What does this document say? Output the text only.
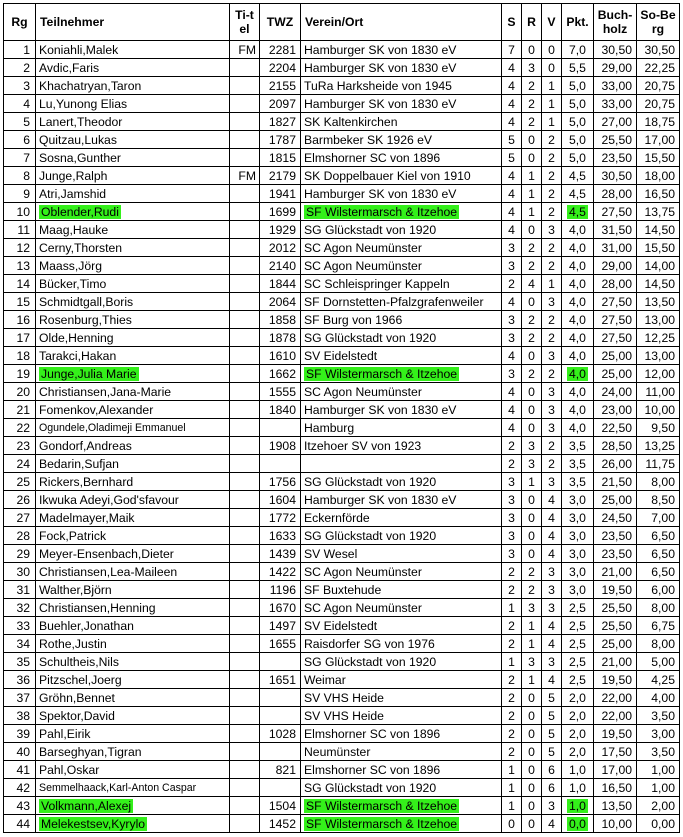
Rg	Teilnehmer	Ti-tel	TWZ	Verein/Ort	S	R	V	Pkt.	Buch-holz	So-Berg
1	Koniahli,Malek	FM	2281	Hamburger SK von 1830 eV	7	0	0	7,0	30,50	30,50
2	Avdic,Faris		2204	Hamburger SK von 1830 eV	4	3	0	5,5	29,00	22,25
3	Khachatryan,Taron		2155	TuRa Harksheide von 1945	4	2	1	5,0	33,00	20,75
4	Lu,Yunong Elias		2097	Hamburger SK von 1830 eV	4	2	1	5,0	33,00	20,75
5	Lanert,Theodor		1827	SK Kaltenkirchen	4	2	1	5,0	27,00	18,75
6	Quitzau,Lukas		1787	Barmbeker SK 1926 eV	5	0	2	5,0	25,50	17,00
7	Sosna,Gunther		1815	Elmshorner SC von 1896	5	0	2	5,0	23,50	15,50
8	Junge,Ralph	FM	2179	SK Doppelbauer Kiel von 1910	4	1	2	4,5	30,50	18,00
9	Atri,Jamshid		1941	Hamburger SK von 1830 eV	4	1	2	4,5	28,00	16,50
10	Oblender,Rudi		1699	SF Wilstermarsch & Itzehoe	4	1	2	4,5	27,50	13,75
11	Maag,Hauke		1929	SG Glückstadt von 1920	4	0	3	4,0	31,50	14,50
12	Cerny,Thorsten		2012	SC Agon Neumünster	3	2	2	4,0	31,00	15,50
13	Maass,Jörg		2140	SC Agon Neumünster	3	2	2	4,0	29,00	14,00
14	Bücker,Timo		1844	SC Schleispringer Kappeln	2	4	1	4,0	28,00	14,50
15	Schmidtgall,Boris		2064	SF Dornstetten-Pfalzgrafenweiler	4	0	3	4,0	27,50	13,50
16	Rosenburg,Thies		1858	SF Burg von 1966	3	2	2	4,0	27,50	13,00
17	Olde,Henning		1878	SG Glückstadt von 1920	3	2	2	4,0	27,50	12,25
18	Tarakci,Hakan		1610	SV Eidelstedt	4	0	3	4,0	25,00	13,00
19	Junge,Julia Marie		1662	SF Wilstermarsch & Itzehoe	3	2	2	4,0	25,00	12,00
20	Christiansen,Jana-Marie		1555	SC Agon Neumünster	4	0	3	4,0	24,00	11,00
21	Fomenkov,Alexander		1840	Hamburger SK von 1830 eV	4	0	3	4,0	23,00	10,00
22	Ogundele,Oladimeji Emmanuel			Hamburg	4	0	3	4,0	22,50	9,50
23	Gondorf,Andreas		1908	Itzehoer SV von 1923	2	3	2	3,5	28,50	13,25
24	Bedarin,Sufjan				2	3	2	3,5	26,00	11,75
25	Rickers,Bernhard		1756	SG Glückstadt von 1920	3	1	3	3,5	21,50	8,00
26	Ikwuka Adeyi,God'sfavour		1604	Hamburger SK von 1830 eV	3	0	4	3,0	25,00	8,50
27	Madelmayer,Maik		1772	Eckernförde	3	0	4	3,0	24,50	7,00
28	Fock,Patrick		1633	SG Glückstadt von 1920	3	0	4	3,0	23,50	6,50
29	Meyer-Ensenbach,Dieter		1439	SV Wesel	3	0	4	3,0	23,50	6,50
30	Christiansen,Lea-Maileen		1422	SC Agon Neumünster	2	2	3	3,0	21,00	6,50
31	Walther,Björn		1196	SF Buxtehude	2	2	3	3,0	19,50	6,00
32	Christiansen,Henning		1670	SC Agon Neumünster	1	3	3	2,5	25,50	8,00
33	Buehler,Jonathan		1497	SV Eidelstedt	2	1	4	2,5	25,50	6,75
34	Rothe,Justin		1655	Raisdorfer SG von 1976	2	1	4	2,5	25,00	8,00
35	Schultheis,Nils			SG Glückstadt von 1920	1	3	3	2,5	21,00	5,00
36	Pitzschel,Joerg		1651	Weimar	2	1	4	2,5	19,50	4,25
37	Gröhn,Bennet			SV VHS Heide	2	0	5	2,0	22,00	4,00
38	Spektor,David			SV VHS Heide	2	0	5	2,0	22,00	3,50
39	Pahl,Eirik		1028	Elmshorner SC von 1896	2	0	5	2,0	19,50	3,00
40	Barseghyan,Tigran			Neumünster	2	0	5	2,0	17,50	3,50
41	Pahl,Oskar		821	Elmshorner SC von 1896	1	0	6	1,0	17,00	1,00
42	Semmelhaack,Karl-Anton Caspar			SG Glückstadt von 1920	1	0	6	1,0	16,50	1,00
43	Volkmann,Alexej		1504	SF Wilstermarsch & Itzehoe	1	0	3	1,0	13,50	2,00
44	Melekestsev,Kyrylo		1452	SF Wilstermarsch & Itzehoe	0	0	4	0,0	10,00	0,00
